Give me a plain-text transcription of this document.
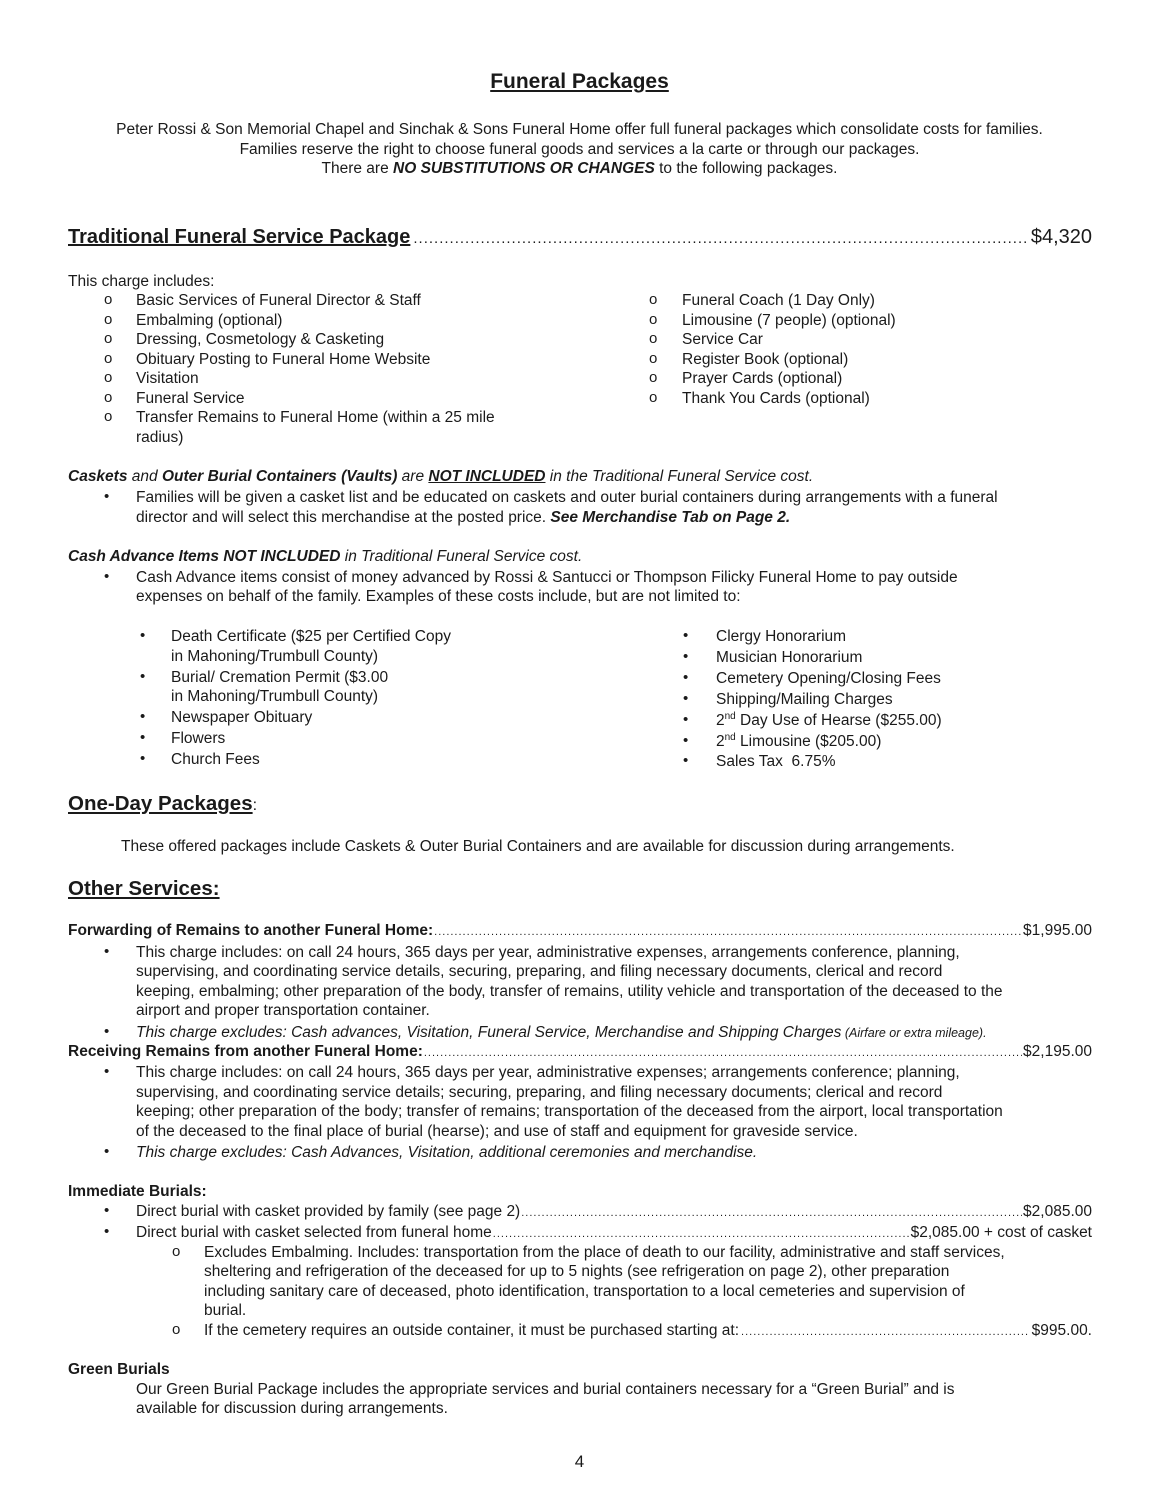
Funeral Packages
Peter Rossi & Son Memorial Chapel and Sinchak & Sons Funeral Home offer full funeral packages which consolidate costs for families.
Families reserve the right to choose funeral goods and services a la carte or through our packages.
There are NO SUBSTITUTIONS OR CHANGES to the following packages.
Traditional Funeral Service Package .....	$4,320
This charge includes:
o
Basic Services of Funeral Director & Staff
o
Embalming (optional)
o
Dressing, Cosmetology & Casketing
o
Obituary Posting to Funeral Home Website
o
Visitation
o
Funeral Service
o
Transfer Remains to Funeral Home (within a 25 mile
radius)
o
Funeral Coach (1 Day Only)
o
Limousine (7 people) (optional)
o
Service Car
o
Register Book (optional)
o
Prayer Cards (optional)
o
Thank You Cards (optional)
Caskets and Outer Burial Containers (Vaults) are NOT INCLUDED in the Traditional Funeral Service cost.
•
Families will be given a casket list and be educated on caskets and outer burial containers during arrangements with a funeral
director and will select this merchandise at the posted price. See Merchandise Tab on Page 2.
Cash Advance Items NOT INCLUDED in Traditional Funeral Service cost.
•
Cash Advance items consist of money advanced by Rossi & Santucci or Thompson Filicky Funeral Home to pay outside
expenses on behalf of the family. Examples of these costs include, but are not limited to:
•
Death Certificate ($25 per Certified Copy
in Mahoning/Trumbull County)
•
Burial/ Cremation Permit ($3.00
in Mahoning/Trumbull County)
•
Newspaper Obituary
•
Flowers
•
Church Fees
•
Clergy Honorarium
•
Musician Honorarium
•
Cemetery Opening/Closing Fees
•
Shipping/Mailing Charges
•
2nd Day Use of Hearse ($255.00)
•
2nd Limousine ($205.00)
•
Sales Tax  6.75%
One-Day Packages:
These offered packages include Caskets & Outer Burial Containers and are available for discussion during arrangements.
Other Services:
Forwarding of Remains to another Funeral Home: .....	$1,995.00
•
This charge includes: on call 24 hours, 365 days per year, administrative expenses, arrangements conference, planning,
supervising, and coordinating service details, securing, preparing, and filing necessary documents, clerical and record
keeping, embalming; other preparation of the body, transfer of remains, utility vehicle and transportation of the deceased to the
airport and proper transportation container.
•
This charge excludes: Cash advances, Visitation, Funeral Service, Merchandise and Shipping Charges (Airfare or extra mileage).
Receiving Remains from another Funeral Home: .....	$2,195.00
•
This charge includes: on call 24 hours, 365 days per year, administrative expenses; arrangements conference; planning,
supervising, and coordinating service details; securing, preparing, and filing necessary documents; clerical and record
keeping; other preparation of the body; transfer of remains; transportation of the deceased from the airport, local transportation
of the deceased to the final place of burial (hearse); and use of staff and equipment for graveside service.
•
This charge excludes: Cash Advances, Visitation, additional ceremonies and merchandise.
Immediate Burials:
•
Direct burial with casket provided by family (see page 2) .....	$2,085.00
•
Direct burial with casket selected from funeral home .....	$2,085.00 + cost of casket
o
Excludes Embalming. Includes: transportation from the place of death to our facility, administrative and staff services,
sheltering and refrigeration of the deceased for up to 5 nights (see refrigeration on page 2), other preparation
including sanitary care of deceased, photo identification, transportation to a local cemeteries and supervision of
burial.
o
If the cemetery requires an outside container, it must be purchased starting at: .....	$995.00.
Green Burials
Our Green Burial Package includes the appropriate services and burial containers necessary for a “Green Burial” and is
available for discussion during arrangements.
4
